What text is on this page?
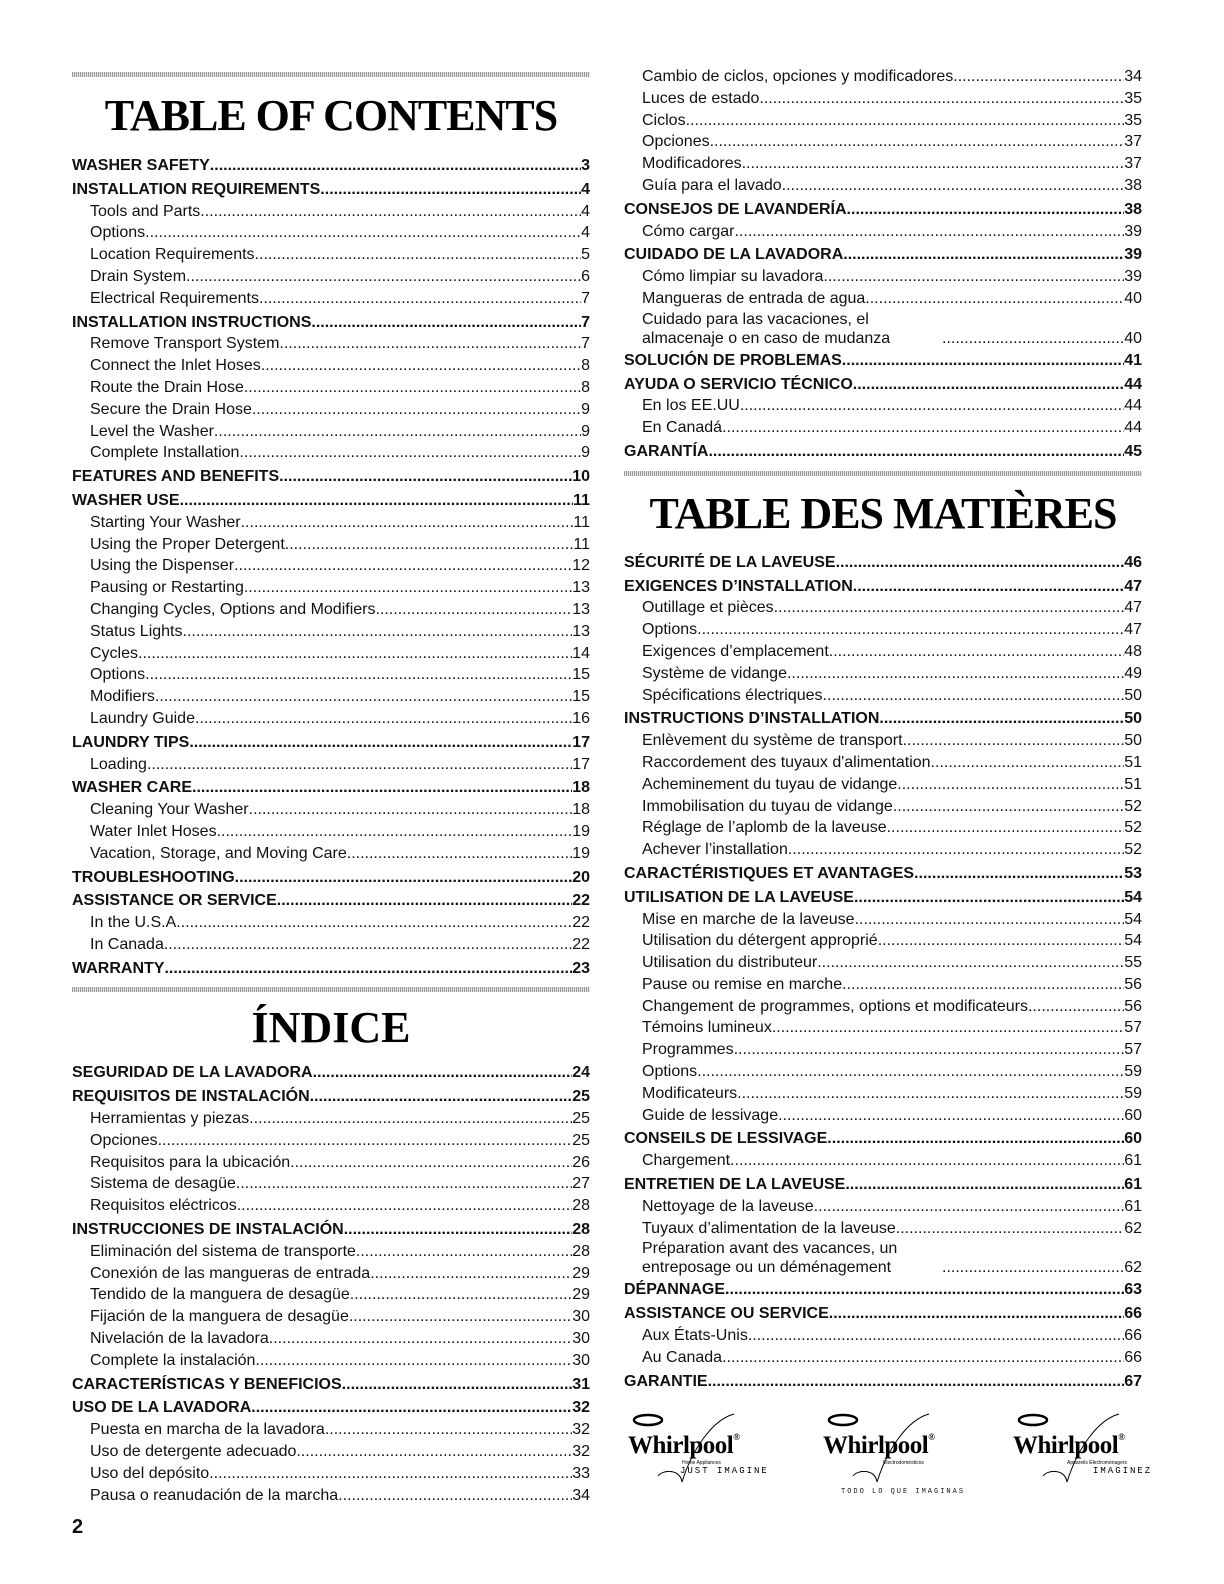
TABLE OF CONTENTS
WASHER SAFETY .....	3
INSTALLATION REQUIREMENTS .....	4
Tools and Parts .....	4
Options .....	4
Location Requirements .....	5
Drain System .....	6
Electrical Requirements .....	7
INSTALLATION INSTRUCTIONS .....	7
Remove Transport System .....	7
Connect the Inlet Hoses .....	8
Route the Drain Hose .....	8
Secure the Drain Hose .....	9
Level the Washer .....	9
Complete Installation .....	9
FEATURES AND BENEFITS .....	10
WASHER USE .....	11
Starting Your Washer .....	11
Using the Proper Detergent .....	11
Using the Dispenser .....	12
Pausing or Restarting .....	13
Changing Cycles, Options and Modifiers .....	13
Status Lights .....	13
Cycles .....	14
Options .....	15
Modifiers .....	15
Laundry Guide .....	16
LAUNDRY TIPS .....	17
Loading .....	17
WASHER CARE .....	18
Cleaning Your Washer .....	18
Water Inlet Hoses .....	19
Vacation, Storage, and Moving Care .....	19
TROUBLESHOOTING .....	20
ASSISTANCE OR SERVICE .....	22
In the U.S.A. .....	22
In Canada .....	22
WARRANTY .....	23
ÍNDICE
SEGURIDAD DE LA LAVADORA .....	24
REQUISITOS DE INSTALACIÓN .....	25
Herramientas y piezas .....	25
Opciones .....	25
Requisitos para la ubicación .....	26
Sistema de desagüe .....	27
Requisitos eléctricos .....	28
INSTRUCCIONES DE INSTALACIÓN .....	28
Eliminación del sistema de transporte .....	28
Conexión de las mangueras de entrada .....	29
Tendido de la manguera de desagüe .....	29
Fijación de la manguera de desagüe .....	30
Nivelación de la lavadora .....	30
Complete la instalación .....	30
CARACTERÍSTICAS Y BENEFICIOS .....	31
USO DE LA LAVADORA .....	32
Puesta en marcha de la lavadora .....	32
Uso de detergente adecuado .....	32
Uso del depósito .....	33
Pausa o reanudación de la marcha .....	34
Cambio de ciclos, opciones y modificadores .....	34
Luces de estado .....	35
Ciclos .....	35
Opciones .....	37
Modificadores .....	37
Guía para el lavado .....	38
CONSEJOS DE LAVANDERÍA .....	38
Cómo cargar .....	39
CUIDADO DE LA LAVADORA .....	39
Cómo limpiar su lavadora .....	39
Mangueras de entrada de agua .....	40
Cuidado para las vacaciones, el almacenaje o en caso de mudanza .....	40
SOLUCIÓN DE PROBLEMAS .....	41
AYUDA O SERVICIO TÉCNICO .....	44
En los EE.UU. .....	44
En Canadá .....	44
GARANTÍA .....	45
TABLE DES MATIÈRES
SÉCURITÉ DE LA LAVEUSE .....	46
EXIGENCES D’INSTALLATION .....	47
Outillage et pièces .....	47
Options .....	47
Exigences d’emplacement .....	48
Système de vidange .....	49
Spécifications électriques .....	50
INSTRUCTIONS D’INSTALLATION .....	50
Enlèvement du système de transport .....	50
Raccordement des tuyaux d'alimentation .....	51
Acheminement du tuyau de vidange .....	51
Immobilisation du tuyau de vidange .....	52
Réglage de l’aplomb de la laveuse .....	52
Achever l’installation .....	52
CARACTÉRISTIQUES ET AVANTAGES .....	53
UTILISATION DE LA LAVEUSE .....	54
Mise en marche de la laveuse .....	54
Utilisation du détergent approprié .....	54
Utilisation du distributeur .....	55
Pause ou remise en marche .....	56
Changement de programmes, options et modificateurs .....	56
Témoins lumineux .....	57
Programmes .....	57
Options .....	59
Modificateurs .....	59
Guide de lessivage .....	60
CONSEILS DE LESSIVAGE .....	60
Chargement .....	61
ENTRETIEN DE LA LAVEUSE .....	61
Nettoyage de la laveuse .....	61
Tuyaux d’alimentation de la laveuse .....	62
Préparation avant des vacances, un entreposage ou un déménagement .....	62
DÉPANNAGE .....	63
ASSISTANCE OU SERVICE .....	66
Aux États-Unis .....	66
Au Canada .....	66
GARANTIE .....	67
Whirlpool®
Home Appliances
JUST IMAGINE
Whirlpool®
Electrodomésticos
Whirlpool®
Appareils Électroménagers
IMAGINEZ
TODO LO QUE IMAGINAS
2
